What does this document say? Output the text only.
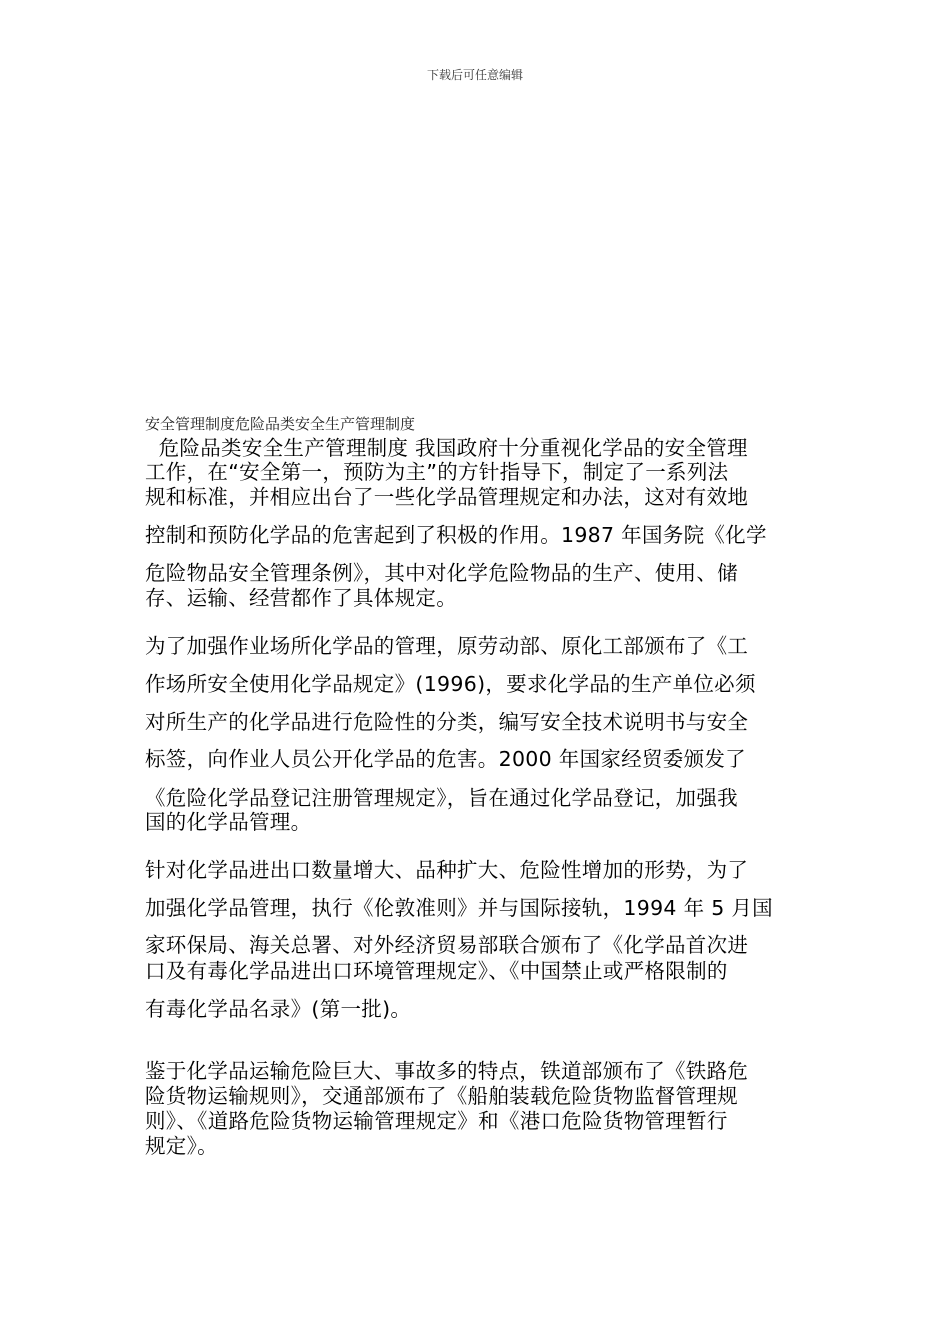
下载后可任意编辑
安全管理制度危险品类安全生产管理制度
危险品类安全生产管理制度 我国政府十分重视化学品的安全管理
工作，在“安全第一，预防为主”的方针指导下，制定了一系列法
规和标准，并相应出台了一些化学品管理规定和办法，这对有效地
控制和预防化学品的危害起到了积极的作用。1987 年国务院《化学
危险物品安全管理条例》，其中对化学危险物品的生产、使用、储
存、运输、经营都作了具体规定。
为了加强作业场所化学品的管理，原劳动部、原化工部颁布了《工
作场所安全使用化学品规定》(1996)，要求化学品的生产单位必须
对所生产的化学品进行危险性的分类，编写安全技术说明书与安全
标签，向作业人员公开化学品的危害。2000 年国家经贸委颁发了
《危险化学品登记注册管理规定》，旨在通过化学品登记，加强我
国的化学品管理。
针对化学品进出口数量增大、品种扩大、危险性增加的形势，为了
加强化学品管理，执行《伦敦准则》并与国际接轨，1994 年 5 月国
家环保局、海关总署、对外经济贸易部联合颁布了《化学品首次进
口及有毒化学品进出口环境管理规定》、《中国禁止或严格限制的
有毒化学品名录》(第一批)。
鉴于化学品运输危险巨大、事故多的特点，铁道部颁布了《铁路危
险货物运输规则》，交通部颁布了《船舶装载危险货物监督管理规
则》、《道路危险货物运输管理规定》和《港口危险货物管理暂行
规定》。
